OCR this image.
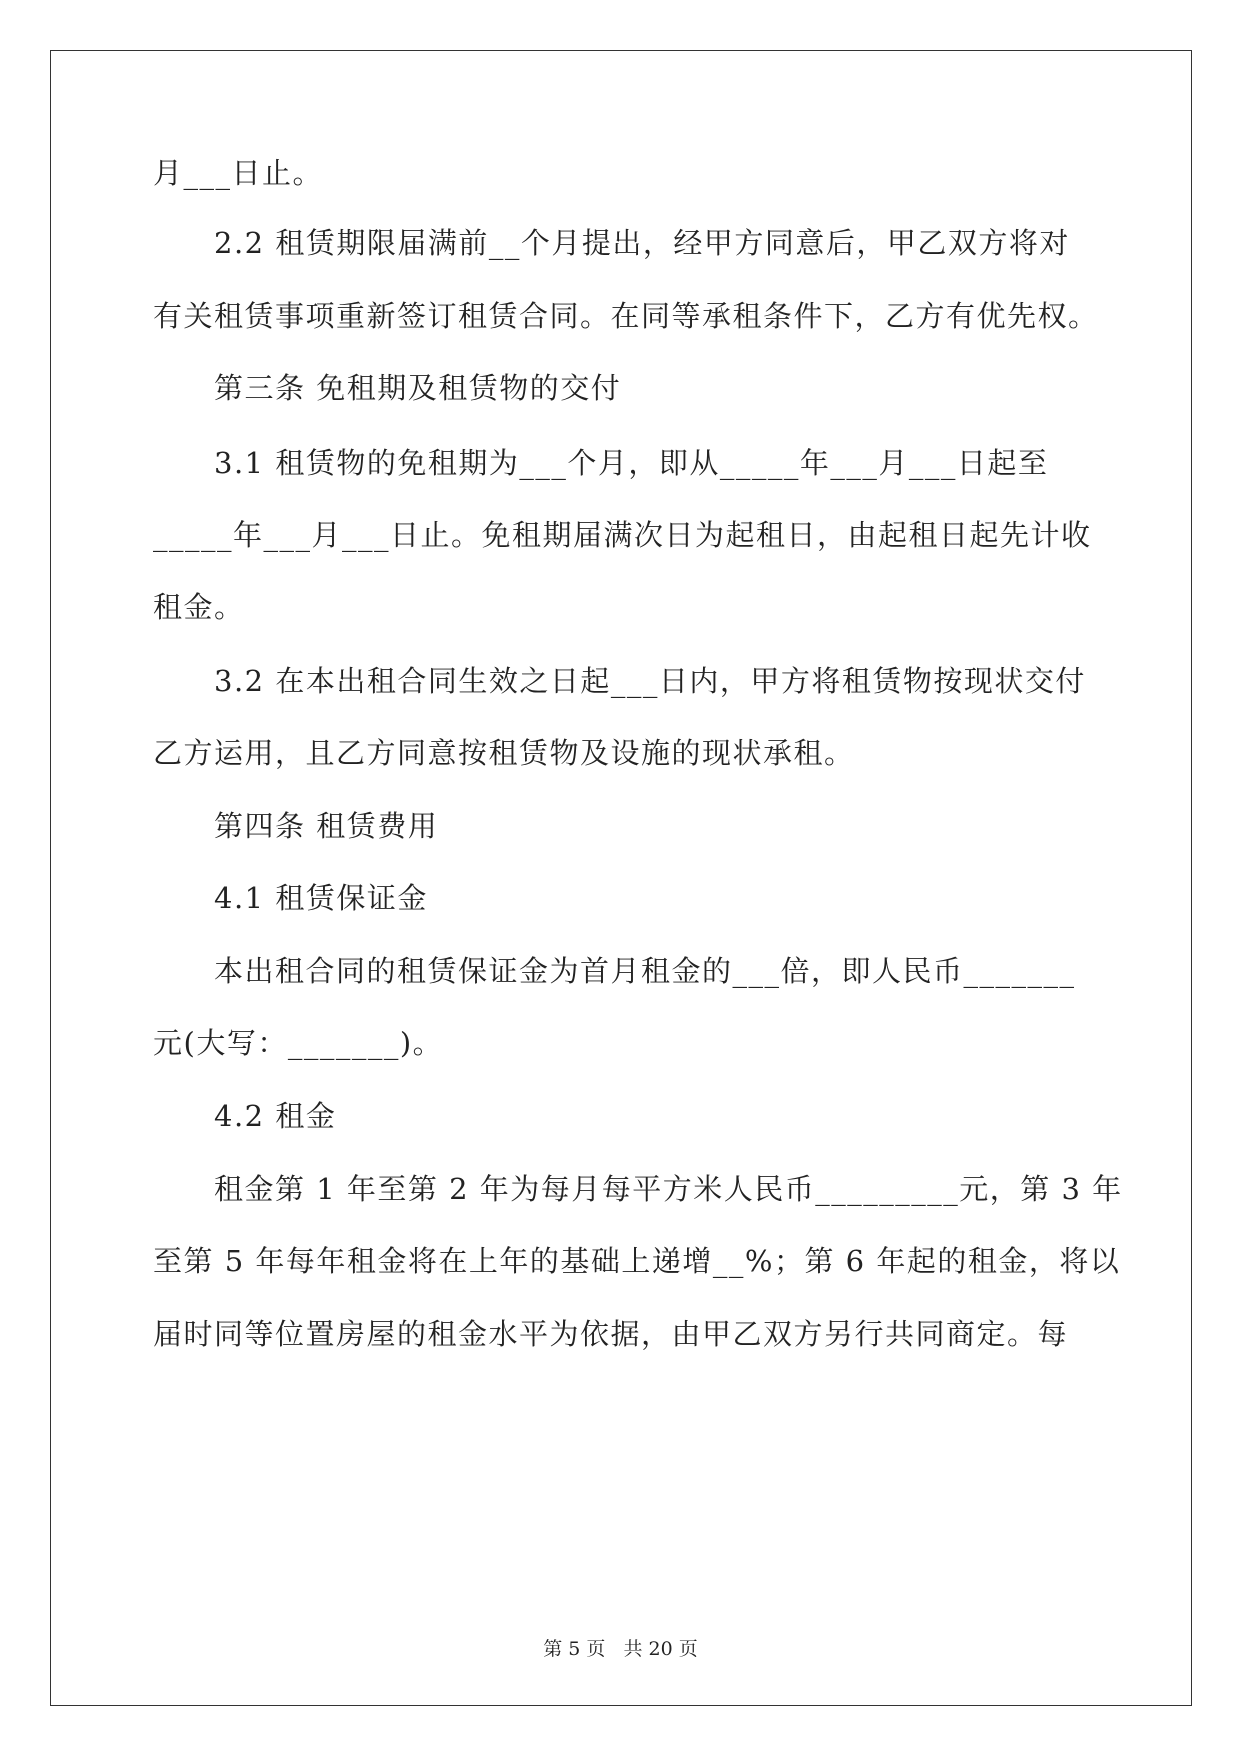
月___日止。
2.2 租赁期限届满前__个月提出，经甲方同意后，甲乙双方将对
有关租赁事项重新签订租赁合同。在同等承租条件下，乙方有优先权。
第三条 免租期及租赁物的交付
3.1 租赁物的免租期为___个月，即从_____年___月___日起至
_____年___月___日止。免租期届满次日为起租日，由起租日起先计收
租金。
3.2 在本出租合同生效之日起___日内，甲方将租赁物按现状交付
乙方运用，且乙方同意按租赁物及设施的现状承租。
第四条 租赁费用
4.1 租赁保证金
本出租合同的租赁保证金为首月租金的___倍，即人民币_______
元(大写：_______)。
4.2 租金
租金第 1 年至第 2 年为每月每平方米人民币_________元，第 3 年
至第 5 年每年租金将在上年的基础上递增__%；第 6 年起的租金，将以
届时同等位置房屋的租金水平为依据，由甲乙双方另行共同商定。每
第 5 页   共 20 页
